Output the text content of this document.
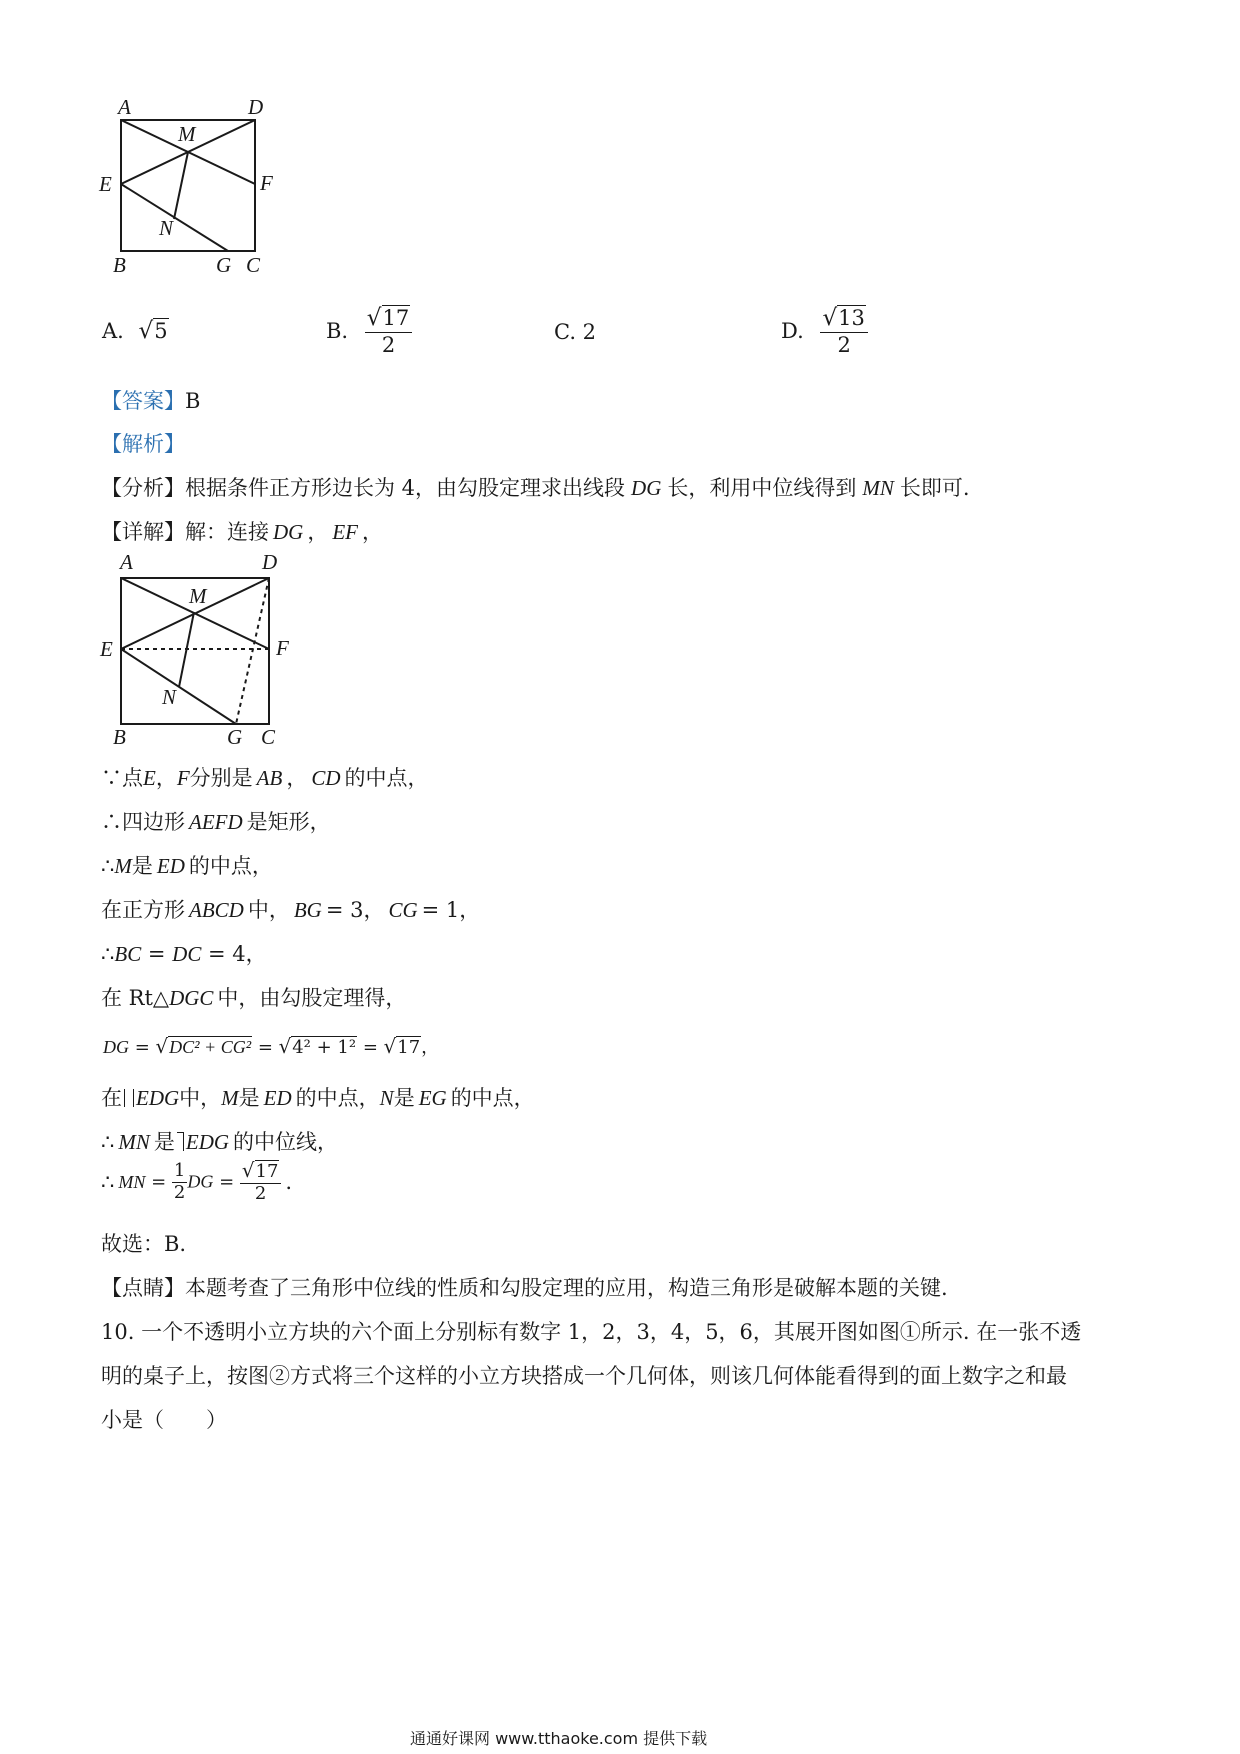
A	D
M
E	F
N
B	G C
A. √5	B. $\frac{√17}{2}$	C. 2	D. $\frac{√13}{2}$
【答案】B
【解析】
【分析】根据条件正方形边长为 4，由勾股定理求出线段 DG 长，利用中位线得到 MN 长即可.
【详解】解：连接 DG ， EF ，
A	D
M
E	F
N
B	G C
∵点E，F分别是 AB ， CD 的中点，
∴四边形 AEFD 是矩形，
∴M是 ED 的中点，
在正方形 ABCD 中， BG = 3， CG = 1，
∴BC = DC = 4，
在 Rt△DGC 中，由勾股定理得，
DG = √DC² + CG² = √4² + 1² = √17，
在 EDG中，M是 ED 的中点，N是 EG 的中点，
∴ MN 是 EDG 的中位线，
∴ MN = $\frac{1}{2}$ DG = $\frac{√17}{2}$ .
故选：B.
【点睛】本题考查了三角形中位线的性质和勾股定理的应用，构造三角形是破解本题的关键.
10. 一个不透明小立方块的六个面上分别标有数字 1，2，3，4，5，6，其展开图如图①所示. 在一张不透
明的桌子上，按图②方式将三个这样的小立方块搭成一个几何体，则该几何体能看得到的面上数字之和最
小是（　　）
通通好课网 www.tthaoke.com 提供下载
